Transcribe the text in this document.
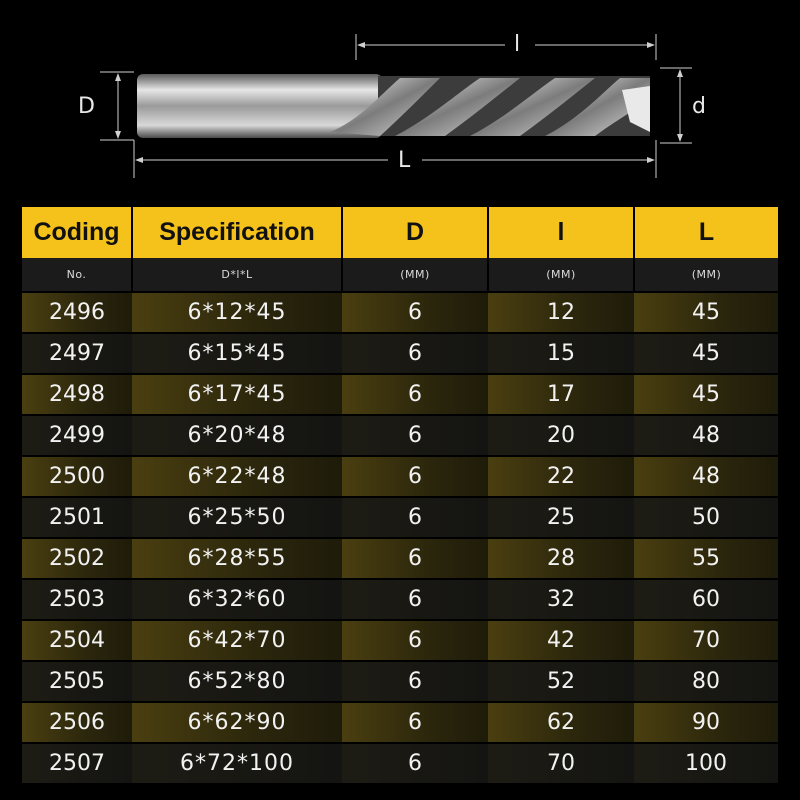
D
l
d
L
Coding	Specification	D	l	L
No.	D*l*L	(MM)	(MM)	(MM)
2496	6*12*45	6	12	45
2497	6*15*45	6	15	45
2498	6*17*45	6	17	45
2499	6*20*48	6	20	48
2500	6*22*48	6	22	48
2501	6*25*50	6	25	50
2502	6*28*55	6	28	55
2503	6*32*60	6	32	60
2504	6*42*70	6	42	70
2505	6*52*80	6	52	80
2506	6*62*90	6	62	90
2507	6*72*100	6	70	100
